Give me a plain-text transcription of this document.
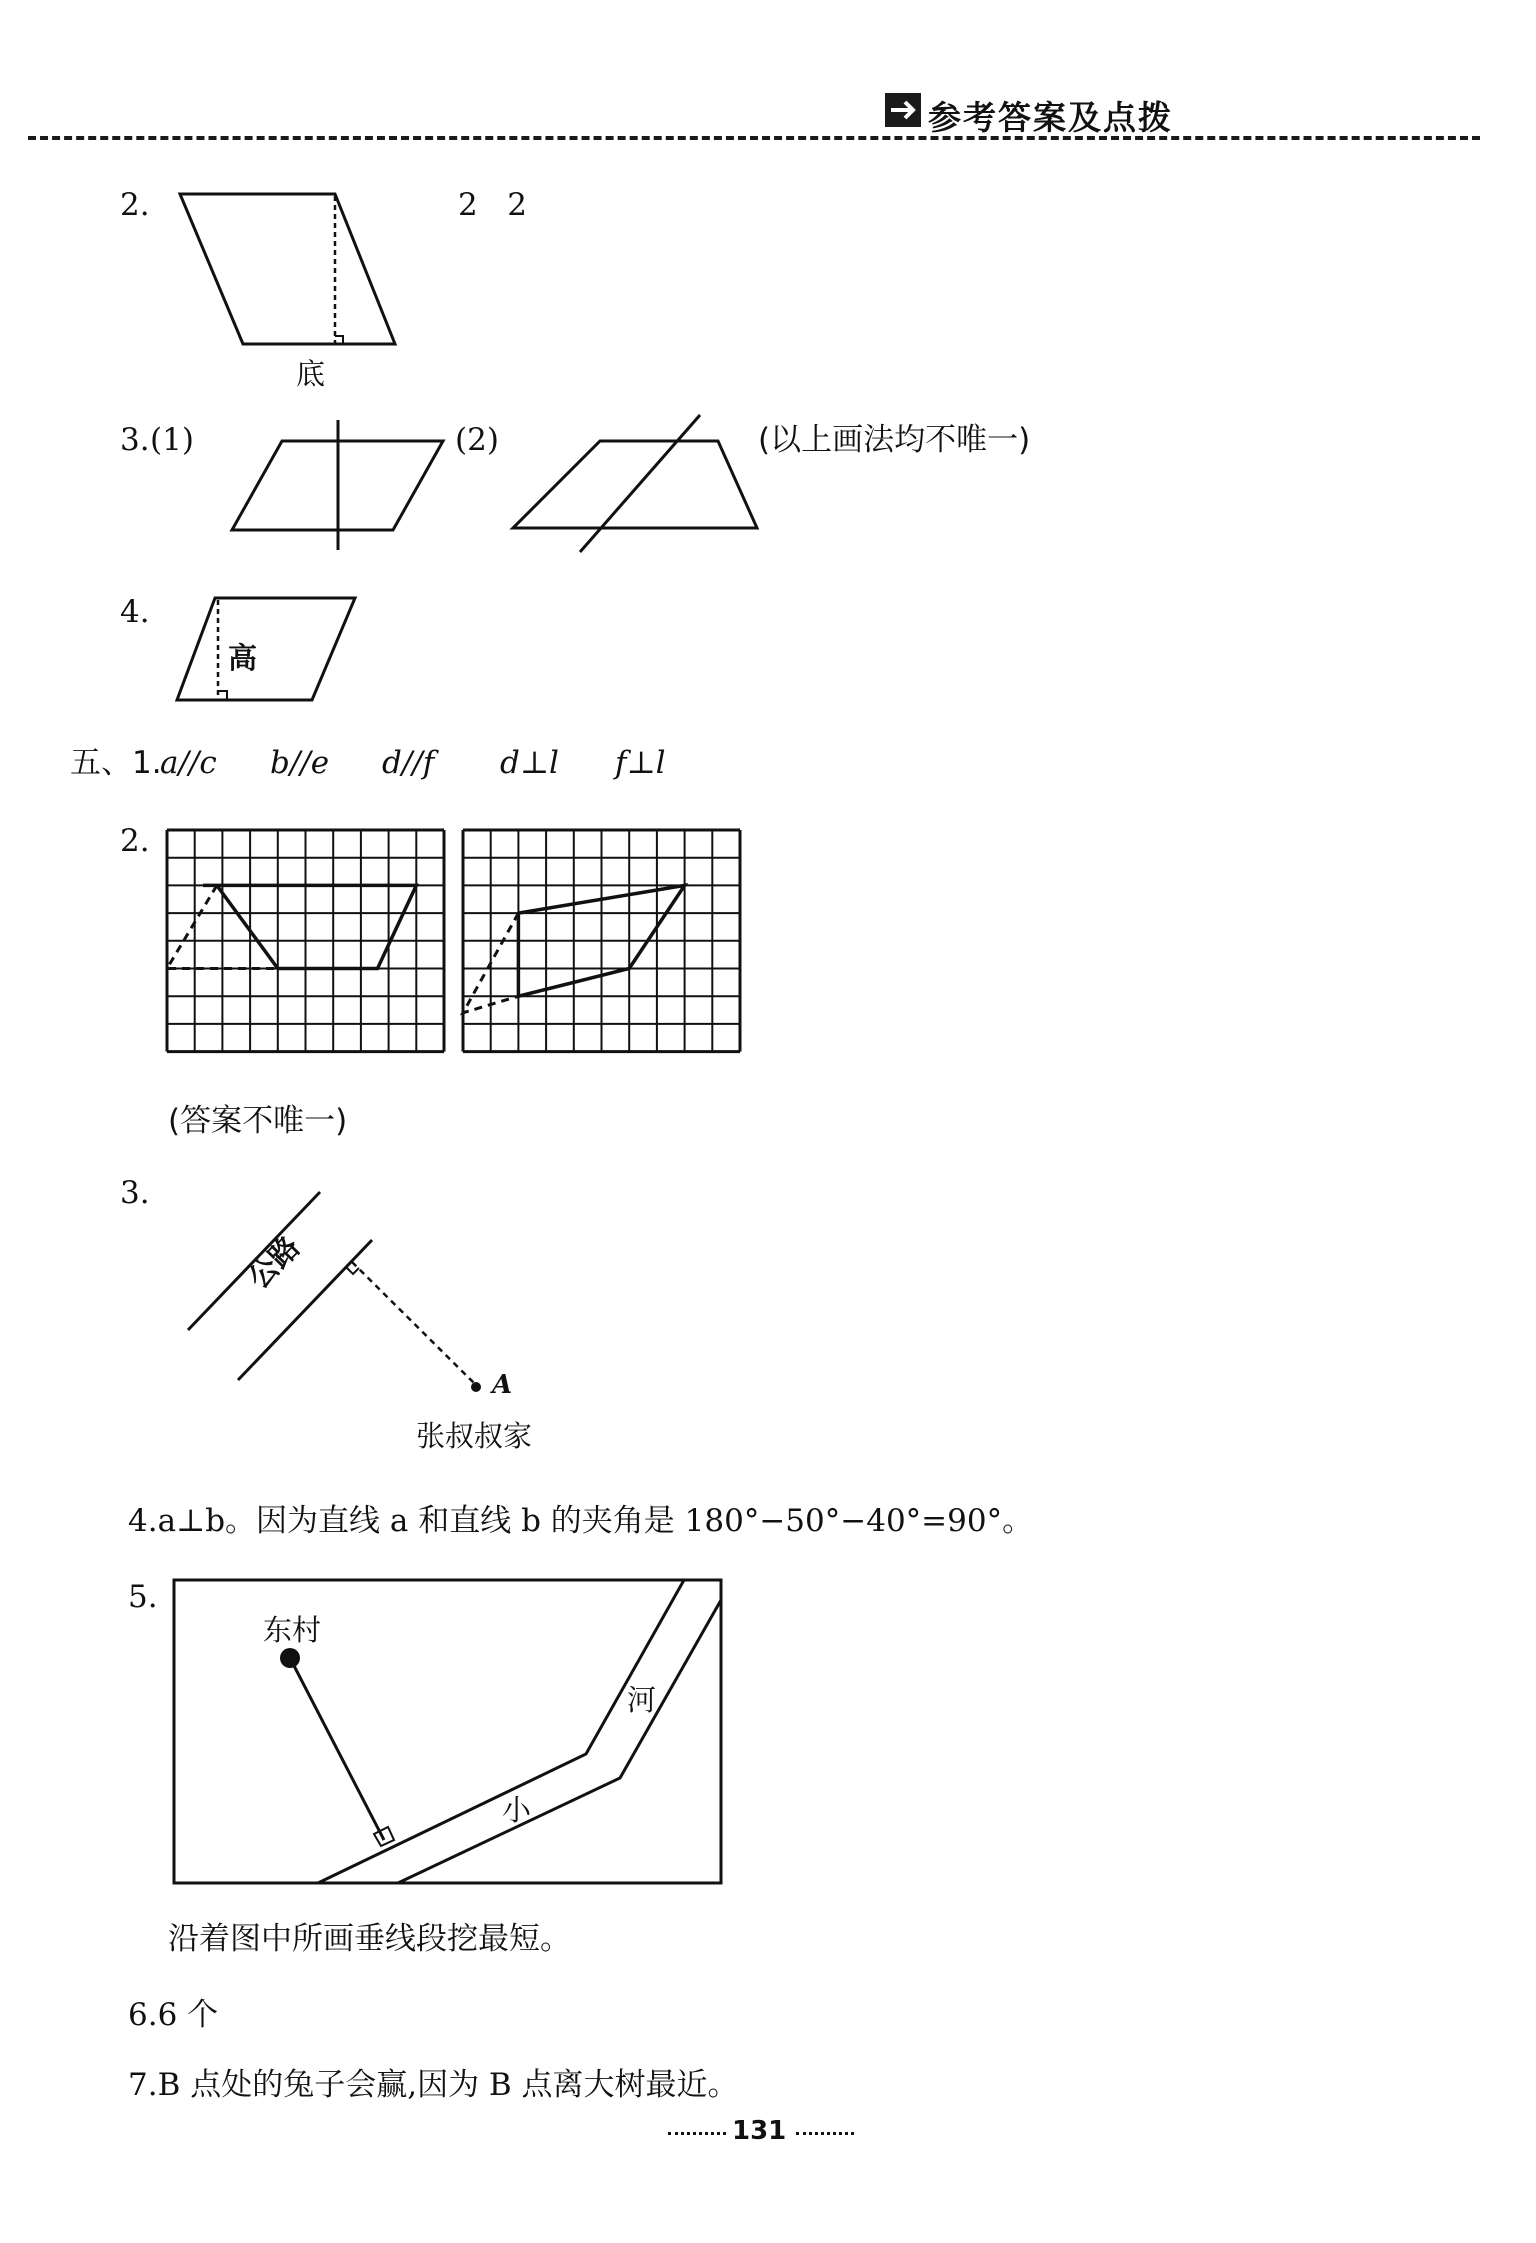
参考答案及点拨
2.
底
2   2
3. (1)	(2)	(以上画法均不唯一)
4.
高
五、1.
a//c b//e d//f d⊥l f⊥l
2.
(答案不唯一)
3.
公路
A
张叔叔家
4.a⊥b。因为直线 a 和直线 b 的夹角是 180°−50°−40°=90°。
5.
东村
河
小
沿着图中所画垂线段挖最短。
6.6 个
7.B 点处的兔子会赢,因为 B 点离大树最近。
131
